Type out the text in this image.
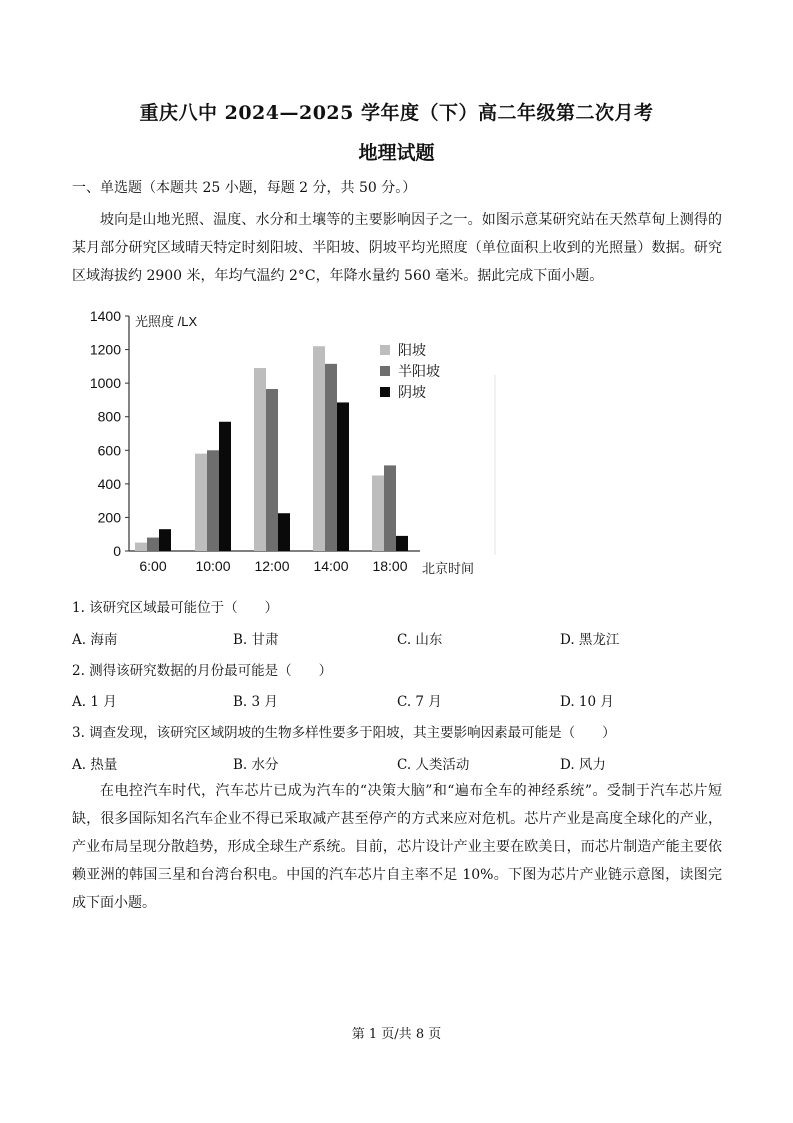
重庆八中 2024—2025 学年度（下）高二年级第二次月考
地理试题
一、单选题（本题共 25 小题，每题 2 分，共 50 分。）
坡向是山地光照、温度、水分和土壤等的主要影响因子之一。如图示意某研究站在天然草甸上测得的某月部分研究区域晴天特定时刻阳坡、半阳坡、阴坡平均光照度（单位面积上收到的光照量）数据。研究区域海拔约 2900 米，年均气温约 2°C，年降水量约 560 毫米。据此完成下面小题。
0
200
400
600
800
1000
1200
1400 光照度 /LX
6:00 10:00 12:00 14:00 18:00 北京时间
阳坡
半阳坡
阴坡
1. 该研究区域最可能位于（　　）
A. 海南	B. 甘肃	C. 山东	D. 黑龙江
2. 测得该研究数据的月份最可能是（　　）
A. 1 月	B. 3 月	C. 7 月	D. 10 月
3. 调查发现，该研究区域阴坡的生物多样性要多于阳坡，其主要影响因素最可能是（　　）
A. 热量	B. 水分	C. 人类活动	D. 风力
在电控汽车时代，汽车芯片已成为汽车的“决策大脑”和“遍布全车的神经系统”。受制于汽车芯片短缺，很多国际知名汽车企业不得已采取减产甚至停产的方式来应对危机。芯片产业是高度全球化的产业，产业布局呈现分散趋势，形成全球生产系统。目前，芯片设计产业主要在欧美日，而芯片制造产能主要依赖亚洲的韩国三星和台湾台积电。中国的汽车芯片自主率不足 10%。下图为芯片产业链示意图，读图完成下面小题。
第 1 页/共 8 页
